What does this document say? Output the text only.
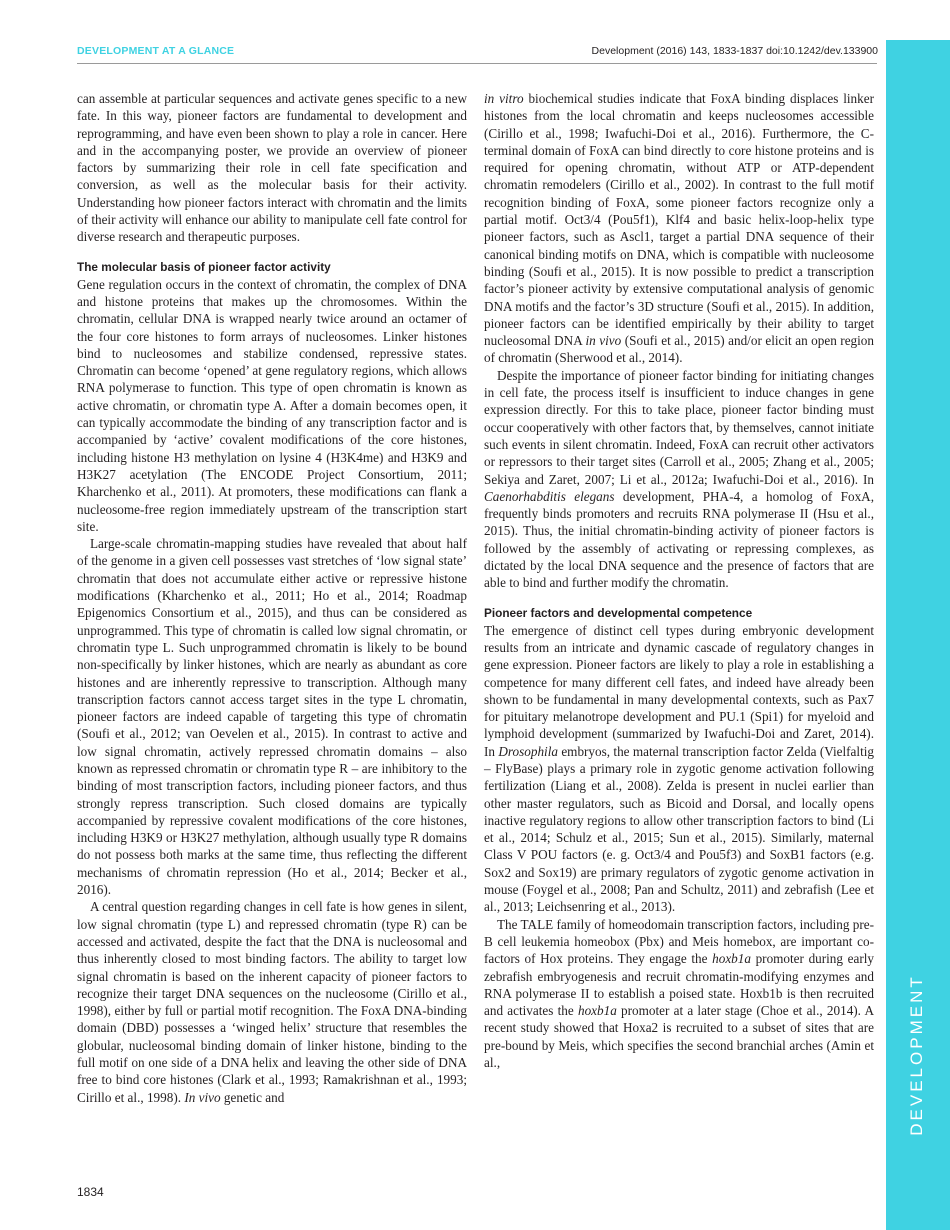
DEVELOPMENT
DEVELOPMENT AT A GLANCE	Development (2016) 143, 1833-1837 doi:10.1242/dev.133900

can assemble at particular sequences and activate genes specific to a new fate. In this way, pioneer factors are fundamental to development and reprogramming, and have even been shown to play a role in cancer. Here and in the accompanying poster, we provide an overview of pioneer factors by summarizing their role in cell fate specification and conversion, as well as the molecular basis for their activity. Understanding how pioneer factors interact with chromatin and the limits of their activity will enhance our ability to manipulate cell fate control for diverse research and therapeutic purposes.

The molecular basis of pioneer factor activity

Gene regulation occurs in the context of chromatin, the complex of DNA and histone proteins that makes up the chromosomes. Within the chromatin, cellular DNA is wrapped nearly twice around an octamer of the four core histones to form arrays of nucleosomes. Linker histones bind to nucleosomes and stabilize condensed, repressive states. Chromatin can become ‘opened’ at gene regulatory regions, which allows RNA polymerase to function. This type of open chromatin is known as active chromatin, or chromatin type A. After a domain becomes open, it can typically accommodate the binding of any transcription factor and is accompanied by ‘active’ covalent modifications of the core histones, including histone H3 methylation on lysine 4 (H3K4me) and H3K9 and H3K27 acetylation (The ENCODE Project Consortium, 2011; Kharchenko et al., 2011). At promoters, these modifications can flank a nucleosome-free region immediately upstream of the transcription start site.

Large-scale chromatin-mapping studies have revealed that about half of the genome in a given cell possesses vast stretches of ‘low signal state’ chromatin that does not accumulate either active or repressive histone modifications (Kharchenko et al., 2011; Ho et al., 2014; Roadmap Epigenomics Consortium et al., 2015), and thus can be considered as unprogrammed. This type of chromatin is called low signal chromatin, or chromatin type L. Such unprogrammed chromatin is likely to be bound non-specifically by linker histones, which are nearly as abundant as core histones and are inherently repressive to transcription. Although many transcription factors cannot access target sites in the type L chromatin, pioneer factors are indeed capable of targeting this type of chromatin (Soufi et al., 2012; van Oevelen et al., 2015). In contrast to active and low signal chromatin, actively repressed chromatin domains – also known as repressed chromatin or chromatin type R – are inhibitory to the binding of most transcription factors, including pioneer factors, and thus strongly repress transcription. Such closed domains are typically accompanied by repressive covalent modifications of the core histones, including H3K9 or H3K27 methylation, although usually type R domains do not possess both marks at the same time, thus reflecting the different mechanisms of chromatin repression (Ho et al., 2014; Becker et al., 2016).

A central question regarding changes in cell fate is how genes in silent, low signal chromatin (type L) and repressed chromatin (type R) can be accessed and activated, despite the fact that the DNA is nucleosomal and thus inherently closed to most binding factors. The ability to target low signal chromatin is based on the inherent capacity of pioneer factors to recognize their target DNA sequences on the nucleosome (Cirillo et al., 1998), either by full or partial motif recognition. The FoxA DNA-binding domain (DBD) possesses a ‘winged helix’ structure that resembles the globular, nucleosomal binding domain of linker histone, binding to the full motif on one side of a DNA helix and leaving the other side of DNA free to bind core histones (Clark et al., 1993; Ramakrishnan et al., 1993; Cirillo et al., 1998). In vivo genetic and

in vitro biochemical studies indicate that FoxA binding displaces linker histones from the local chromatin and keeps nucleosomes accessible (Cirillo et al., 1998; Iwafuchi-Doi et al., 2016). Furthermore, the C-terminal domain of FoxA can bind directly to core histone proteins and is required for opening chromatin, without ATP or ATP-dependent chromatin remodelers (Cirillo et al., 2002). In contrast to the full motif recognition binding of FoxA, some pioneer factors recognize only a partial motif. Oct3/4 (Pou5f1), Klf4 and basic helix-loop-helix type pioneer factors, such as Ascl1, target a partial DNA sequence of their canonical binding motifs on DNA, which is compatible with nucleosome binding (Soufi et al., 2015). It is now possible to predict a transcription factor’s pioneer activity by extensive computational analysis of genomic DNA motifs and the factor’s 3D structure (Soufi et al., 2015). In addition, pioneer factors can be identified empirically by their ability to target nucleosomal DNA in vivo (Soufi et al., 2015) and/or elicit an open region of chromatin (Sherwood et al., 2014).

Despite the importance of pioneer factor binding for initiating changes in cell fate, the process itself is insufficient to induce changes in gene expression directly. For this to take place, pioneer factor binding must occur cooperatively with other factors that, by themselves, cannot initiate such events in silent chromatin. Indeed, FoxA can recruit other activators or repressors to their target sites (Carroll et al., 2005; Zhang et al., 2005; Sekiya and Zaret, 2007; Li et al., 2012a; Iwafuchi-Doi et al., 2016). In Caenorhabditis elegans development, PHA-4, a homolog of FoxA, frequently binds promoters and recruits RNA polymerase II (Hsu et al., 2015). Thus, the initial chromatin-binding activity of pioneer factors is followed by the assembly of activating or repressing complexes, as dictated by the local DNA sequence and the presence of factors that are able to bind and further modify the chromatin.

Pioneer factors and developmental competence

The emergence of distinct cell types during embryonic development results from an intricate and dynamic cascade of regulatory changes in gene expression. Pioneer factors are likely to play a role in establishing a competence for many different cell fates, and indeed have already been shown to be fundamental in many developmental contexts, such as Pax7 for pituitary melanotrope development and PU.1 (Spi1) for myeloid and lymphoid development (summarized by Iwafuchi-Doi and Zaret, 2014). In Drosophila embryos, the maternal transcription factor Zelda (Vielfaltig – FlyBase) plays a primary role in zygotic genome activation following fertilization (Liang et al., 2008). Zelda is present in nuclei earlier than other master regulators, such as Bicoid and Dorsal, and locally opens inactive regulatory regions to allow other transcription factors to bind (Li et al., 2014; Schulz et al., 2015; Sun et al., 2015). Similarly, maternal Class V POU factors (e. g. Oct3/4 and Pou5f3) and SoxB1 factors (e.g. Sox2 and Sox19) are primary regulators of zygotic genome activation in mouse (Foygel et al., 2008; Pan and Schultz, 2011) and zebrafish (Lee et al., 2013; Leichsenring et al., 2013).

The TALE family of homeodomain transcription factors, including pre-B cell leukemia homeobox (Pbx) and Meis homebox, are important co-factors of Hox proteins. They engage the hoxb1a promoter during early zebrafish embryogenesis and recruit chromatin-modifying enzymes and RNA polymerase II to establish a poised state. Hoxb1b is then recruited and activates the hoxb1a promoter at a later stage (Choe et al., 2014). A recent study showed that Hoxa2 is recruited to a subset of sites that are pre-bound by Meis, which specifies the second branchial arches (Amin et al.,

1834
